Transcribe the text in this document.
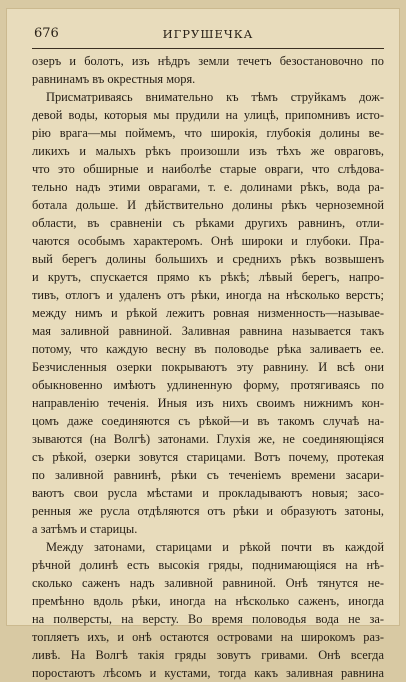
676	ИГРУШЕЧКА
озеръ и болотъ, изъ нѣдръ земли течетъ безостановочно по
равнинамъ въ окрестныя моря.
Присматриваясь внимательно къ тѣмъ струйкамъ дож-
девой воды, которыя мы прудили на улицѣ, припомнивъ исто-
рію врага—мы поймемъ, что широкія, глубокія долины ве-
ликихъ и малыхъ рѣкъ произошли изъ тѣхъ же овраговъ,
что это обширные и наиболѣе старые овраги, что слѣдова-
тельно надъ этими оврагами, т. е. долинами рѣкъ, вода ра-
ботала дольше. И дѣйствительно долины рѣкъ черноземной
области, въ сравненіи съ рѣками другихъ равнинъ, отли-
чаются особымъ характеромъ. Онѣ широки и глубоки. Пра-
вый берегъ долины большихъ и среднихъ рѣкъ возвышенъ
и крутъ, спускается прямо къ рѣкѣ; лѣвый берегъ, напро-
тивъ, отлогъ и удаленъ отъ рѣки, иногда на нѣсколько верстъ;
между нимъ и рѣкой лежитъ ровная низменность—называе-
мая заливной равниной. Заливная равнина называется такъ
потому, что каждую весну въ половодье рѣка заливаетъ ее.
Безчисленныя озерки покрываютъ эту равнину. И всѣ они
обыкновенно имѣютъ удлиненную форму, протягиваясь по
направленію теченія. Иныя изъ нихъ своимъ нижнимъ кон-
цомъ даже соединяются съ рѣкой—и въ такомъ случаѣ на-
зываются (на Волгѣ) затонами. Глухія же, не соединяющіяся
съ рѣкой, озерки зовутся старицами. Вотъ почему, протекая
по заливной равнинѣ, рѣки съ теченіемъ времени засари-
ваютъ свои русла мѣстами и прокладываютъ новыя; засо-
ренныя же русла отдѣляются отъ рѣки и образуютъ затоны,
а затѣмъ и старицы.
Между затонами, старицами и рѣкой почти въ каждой
рѣчной долинѣ есть высокія гряды, поднимающіяся на нѣ-
сколько саженъ надъ заливной равниной. Онѣ тянутся не-
премѣнно вдоль рѣки, иногда на нѣсколько саженъ, иногда
на полверсты, на версту. Во время половодья вода не за-
топляетъ ихъ, и онѣ остаются островами на широкомъ раз-
ливѣ. На Волгѣ такія гряды зовутъ гривами. Онѣ всегда
поростаютъ лѣсомъ и кустами, тогда какъ заливная равнина
